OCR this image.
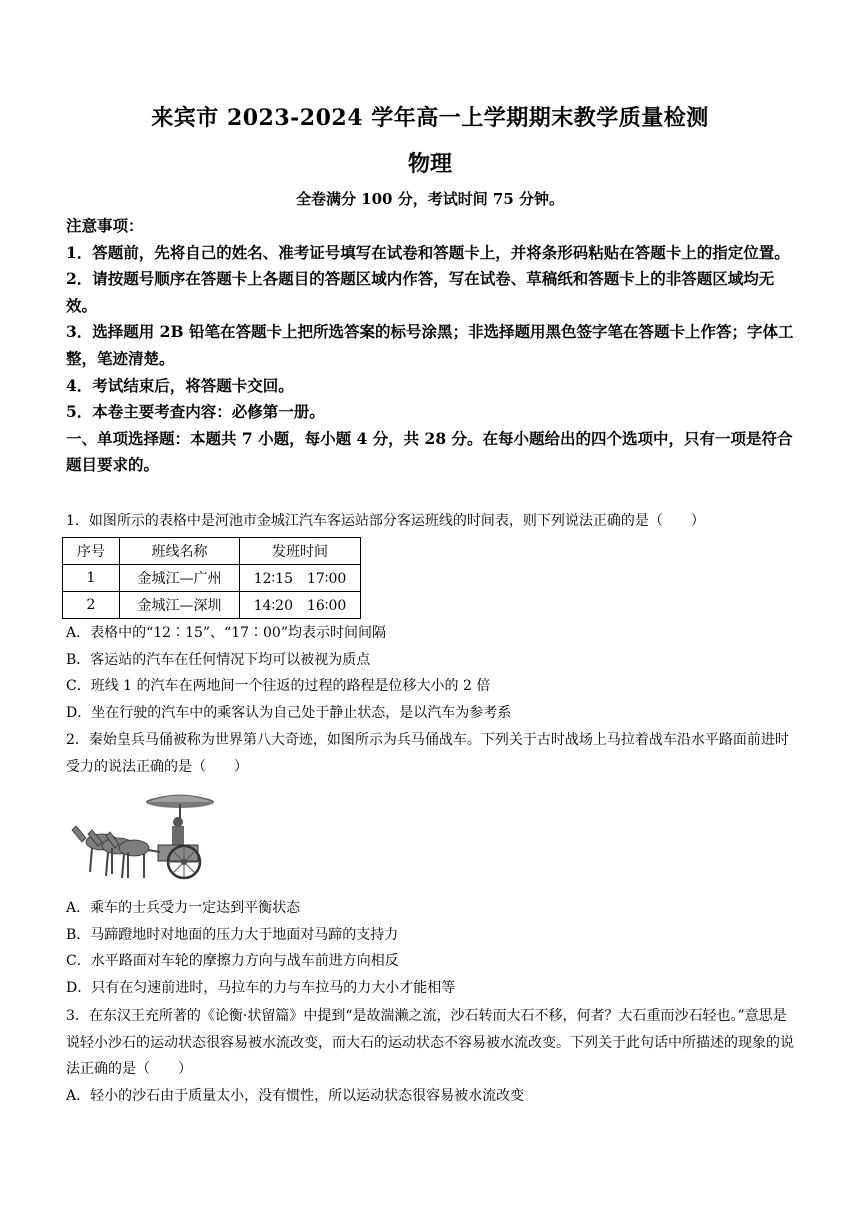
来宾市 2023-2024 学年高一上学期期末教学质量检测
物理
全卷满分 100 分，考试时间 75 分钟。

注意事项：

1．答题前，先将自己的姓名、准考证号填写在试卷和答题卡上，并将条形码粘贴在答题卡上的指定位置。

2．请按题号顺序在答题卡上各题目的答题区域内作答，写在试卷、草稿纸和答题卡上的非答题区域均无效。

3．选择题用 2B 铅笔在答题卡上把所选答案的标号涂黑；非选择题用黑色签字笔在答题卡上作答；字体工整，笔迹清楚。

4．考试结束后，将答题卡交回。

5．本卷主要考查内容：必修第一册。

一、单项选择题：本题共 7 小题，每小题 4 分，共 28 分。在每小题给出的四个选项中，只有一项是符合题目要求的。

1．如图所示的表格中是河池市金城江汽车客运站部分客运班线的时间表，则下列说法正确的是（　　）

序号	班线名称	发班时间
1	金城江—广州	12∶15　17∶00
2	金城江—深圳	14∶20　16∶00

A．表格中的“12∶15”、“17∶00”均表示时间间隔

B．客运站的汽车在任何情况下均可以被视为质点

C．班线 1 的汽车在两地间一个往返的过程的路程是位移大小的 2 倍

D．坐在行驶的汽车中的乘客认为自己处于静止状态，是以汽车为参考系

2．秦始皇兵马俑被称为世界第八大奇迹，如图所示为兵马俑战车。下列关于古时战场上马拉着战车沿水平路面前进时受力的说法正确的是（　　）

A．乘车的士兵受力一定达到平衡状态

B．马蹄蹬地时对地面的压力大于地面对马蹄的支持力

C．水平路面对车轮的摩擦力方向与战车前进方向相反

D．只有在匀速前进时，马拉车的力与车拉马的力大小才能相等

3．在东汉王充所著的《论衡·状留篇》中提到“是故湍濑之流，沙石转而大石不移，何者？大石重而沙石轻也。”意思是说轻小沙石的运动状态很容易被水流改变，而大石的运动状态不容易被水流改变。下列关于此句话中所描述的现象的说法正确的是（　　）

A．轻小的沙石由于质量太小，没有惯性，所以运动状态很容易被水流改变
